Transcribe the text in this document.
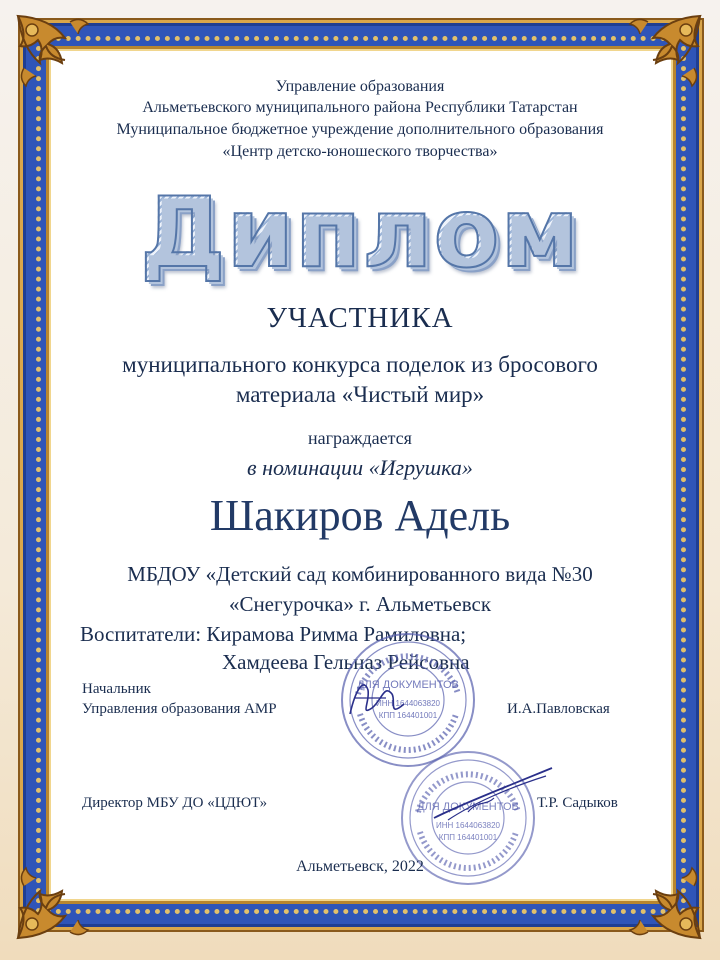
Управление образования
Альметьевского муниципального района Республики Татарстан
Муниципальное бюджетное учреждение дополнительного образования
«Центр детско-юношеского творчества»
Диплом
УЧАСТНИКА
муниципального конкурса поделок из бросового
материала «Чистый мир»
награждается
в номинации «Игрушка»
Шакиров Адель
МБДОУ «Детский сад комбинированного вида №30
«Снегурочка» г. Альметьевск
Воспитатели: Кирамова Римма Рамиловна;
Хамдеева Гельназ Рейсовна
ДЛЯ ДОКУМЕНТОВ
ИНН 1644063820
КПП 164401001
ДЛЯ ДОКУМЕНТОВ
ИНН 1644063820
КПП 164401001
Начальник
Управления образования АМР	И.А.Павловская
Директор МБУ ДО «ЦДЮТ»	Т.Р. Садыков
Альметьевск, 2022
